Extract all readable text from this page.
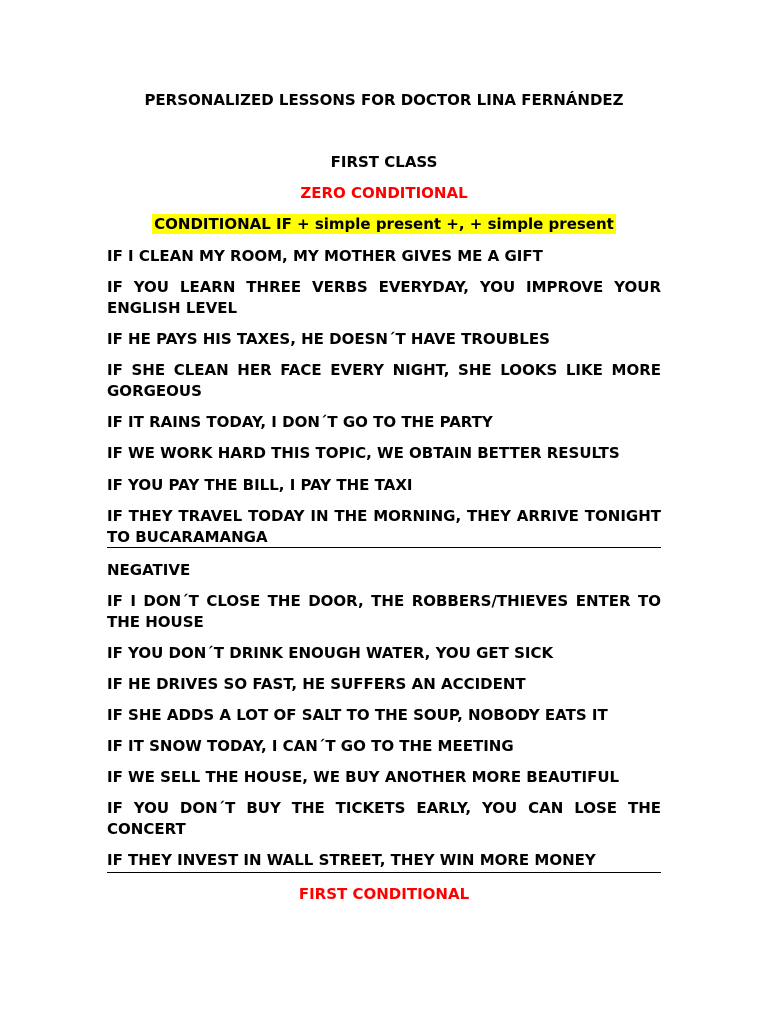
PERSONALIZED LESSONS FOR DOCTOR LINA FERNÁNDEZ
FIRST CLASS
ZERO CONDITIONAL
CONDITIONAL IF + simple present +, + simple present
IF I CLEAN MY ROOM, MY MOTHER GIVES ME A GIFT
IF YOU LEARN THREE VERBS EVERYDAY, YOU IMPROVE YOUR ENGLISH LEVEL
IF HE PAYS HIS TAXES, HE DOESN´T HAVE TROUBLES
IF SHE CLEAN HER FACE EVERY NIGHT, SHE LOOKS LIKE MORE GORGEOUS
IF IT RAINS TODAY, I DON´T GO TO THE PARTY
IF WE WORK HARD THIS TOPIC, WE OBTAIN BETTER RESULTS
IF YOU PAY THE BILL, I PAY THE TAXI
IF THEY TRAVEL TODAY IN THE MORNING, THEY ARRIVE TONIGHT TO BUCARAMANGA
NEGATIVE
IF I DON´T CLOSE THE DOOR, THE ROBBERS/THIEVES ENTER TO THE HOUSE
IF YOU DON´T DRINK ENOUGH WATER, YOU GET SICK
IF HE DRIVES SO FAST, HE SUFFERS AN ACCIDENT
IF SHE ADDS A LOT OF SALT TO THE SOUP, NOBODY EATS IT
IF IT SNOW TODAY, I CAN´T GO TO THE MEETING
IF WE SELL THE HOUSE, WE BUY ANOTHER MORE BEAUTIFUL
IF YOU DON´T BUY THE TICKETS EARLY, YOU CAN LOSE THE CONCERT
IF THEY INVEST IN WALL STREET, THEY WIN MORE MONEY
FIRST CONDITIONAL
